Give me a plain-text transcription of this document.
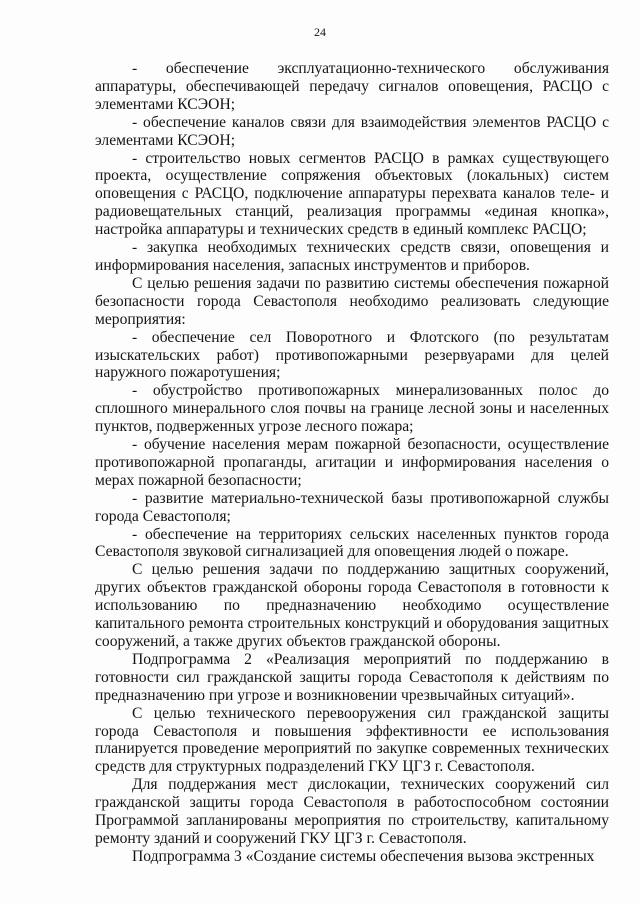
24

- обеспечение эксплуатационно-технического обслуживания аппаратуры, обеспечивающей передачу сигналов оповещения, РАСЦО с элементами КСЭОН;

- обеспечение каналов связи для взаимодействия элементов РАСЦО с элементами КСЭОН;

- строительство новых сегментов РАСЦО в рамках существующего проекта, осуществление сопряжения объектовых (локальных) систем оповещения с РАСЦО, подключение аппаратуры перехвата каналов теле- и радиовещательных станций, реализация программы «единая кнопка», настройка аппаратуры и технических средств в единый комплекс РАСЦО;

- закупка необходимых технических средств связи, оповещения и информирования населения, запасных инструментов и приборов.

С целью решения задачи по развитию системы обеспечения пожарной безопасности города Севастополя необходимо реализовать следующие мероприятия:

- обеспечение сел Поворотного и Флотского (по результатам изыскательских работ) противопожарными резервуарами для целей наружного пожаротушения;

- обустройство противопожарных минерализованных полос до сплошного минерального слоя почвы на границе лесной зоны и населенных пунктов, подверженных угрозе лесного пожара;

- обучение населения мерам пожарной безопасности, осуществление противопожарной пропаганды, агитации и информирования населения о мерах пожарной безопасности;

- развитие материально-технической базы противопожарной службы города Севастополя;

- обеспечение на территориях сельских населенных пунктов города Севастополя звуковой сигнализацией для оповещения людей о пожаре.

С целью решения задачи по поддержанию защитных сооружений, других объектов гражданской обороны города Севастополя в готовности к использованию по предназначению необходимо осуществление капитального ремонта строительных конструкций и оборудования защитных сооружений, а также других объектов гражданской обороны.

Подпрограмма 2 «Реализация мероприятий по поддержанию в готовности сил гражданской защиты города Севастополя к действиям по предназначению при угрозе и возникновении чрезвычайных ситуаций».

С целью технического перевооружения сил гражданской защиты города Севастополя и повышения эффективности ее использования планируется проведение мероприятий по закупке современных технических средств для структурных подразделений ГКУ ЦГЗ г. Севастополя.

Для поддержания мест дислокации, технических сооружений сил гражданской защиты города Севастополя в работоспособном состоянии Программой запланированы мероприятия по строительству, капитальному ремонту зданий и сооружений ГКУ ЦГЗ г. Севастополя.

Подпрограмма 3 «Создание системы обеспечения вызова экстренных
